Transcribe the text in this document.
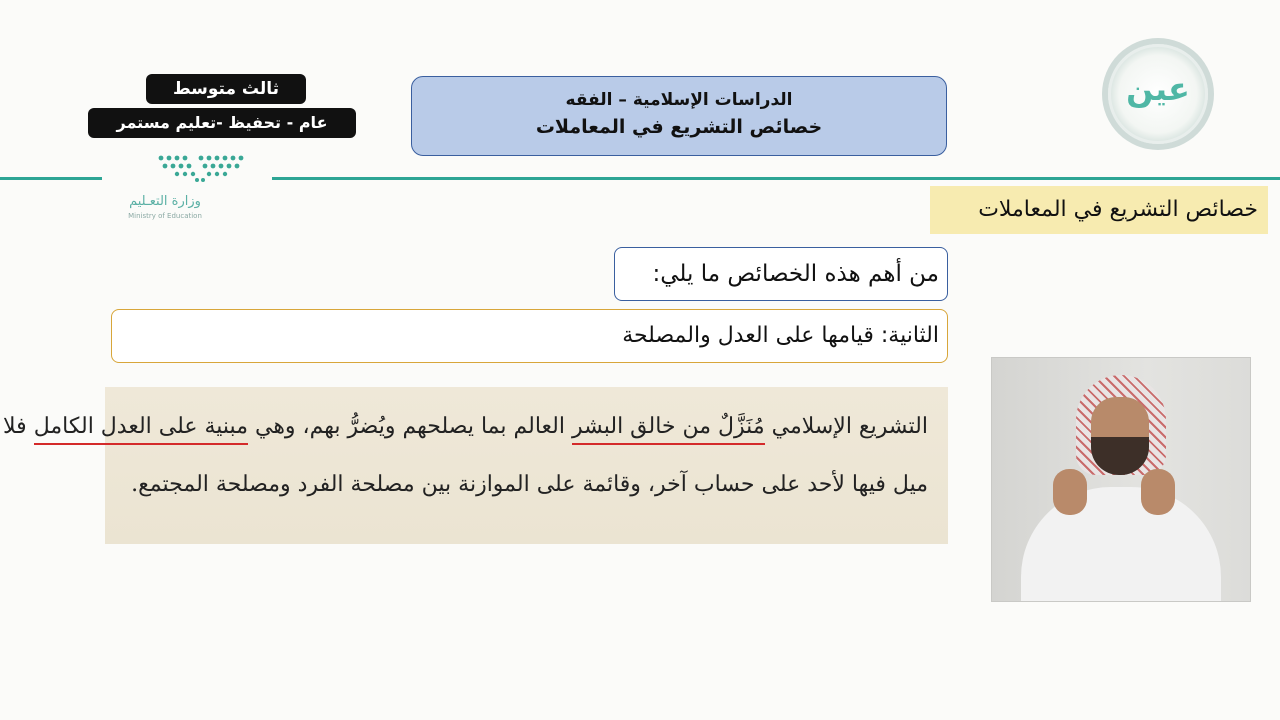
ثالث متوسط
عام - تحفيظ -تعليم مستمر
الدراسات الإسلامية – الفقه
خصائص التشريع في المعاملات
وزارة التعـليم
Ministry of Education
عين
خصائص التشريع في المعاملات
من أهم هذه الخصائص ما يلي:
الثانية: قيامها على العدل والمصلحة
التشريع الإسلامي مُنَزَّلٌ من خالق البشر العالم بما يصلحهم ويُضرُّ بهم، وهي مبنية على العدل الكامل فلا
ميل فيها لأحد على حساب آخر، وقائمة على الموازنة بين مصلحة الفرد ومصلحة المجتمع.
